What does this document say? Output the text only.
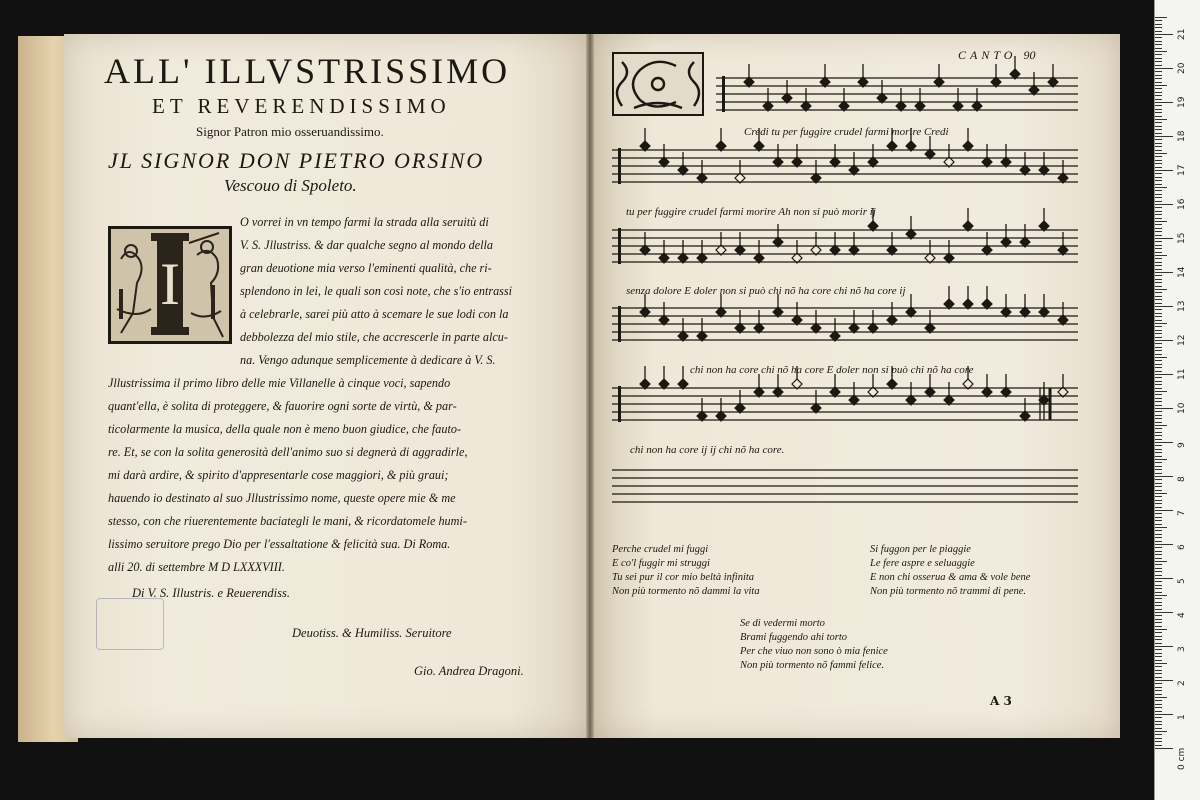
ALL' ILLVSTRISSIMO
ET REVERENDISSIMO
Signor Patron mio osseruandissimo.
JL SIGNOR DON PIETRO ORSINO
Vescouo di Spoleto.
I
O vorrei in vn tempo farmi la strada alla seruitù di
V. S. Jllustriss. & dar qualche segno al mondo della
gran deuotione mia verso l'eminenti qualità, che ri-
splendono in lei, le quali son così note, che s'io entrassi
à celebrarle, sarei più atto à scemare le sue lodi con la
debbolezza del mio stile, che accrescerle in parte alcu-
na. Vengo adunque semplicemente à dedicare à V. S.
Jllustrissima il primo libro delle mie Villanelle à cinque voci, sapendo
quant'ella, è solita di proteggere, & fauorire ogni sorte de virtù, & par-
ticolarmente la musica, della quale non è meno buon giudice, che fauto-
re. Et, se con la solita generosità dell'animo suo si degnerà di aggradirle,
mi darà ardire, & spirito d'appresentarle cose maggiori, & più graui;
hauendo io destinato al suo Jllustrissimo nome, queste opere mie & me
stesso, con che riuerentemente baciategli le mani, & ricordatomele humi-
lissimo seruitore prego Dio per l'essaltatione & felicità sua. Di Roma.
alli 20. di settembre M D LXXXVIII.
Di V. S. Illustris. e Reuerendiss.
Deuotiss. & Humiliss. Seruitore
Gio. Andrea Dragoni.
CANTO 90
Credi tu per fuggire crudel farmi morire Credi
tu per fuggire crudel farmi morire Ah non si può morir ij
senza dolore E doler non si può chi nõ ha core chi nõ ha core ij
chi non ha core chi nõ ha core E doler non si può chi nõ ha core
chi non ha core ij ij chi nõ ha core.
Perche crudel mi fuggi
E co'l fuggir mi struggi
Tu sei pur il cor mio beltà infinita
Non più tormento nõ dammi la vita
Si fuggon per le piaggie
Le fere aspre e seluaggie
E non chi osserua & ama & vole bene
Non più tormento nõ trammi di pene.
Se di vedermi morto
Brami fuggendo ahi torto
Per che viuo non sono ò mia fenice
Non più tormento nõ fammi felice.
A 3
0 cm
1
2
3
4
5
6
7
8
9
10
11
12
13
14
15
16
17
18
19
20
21
